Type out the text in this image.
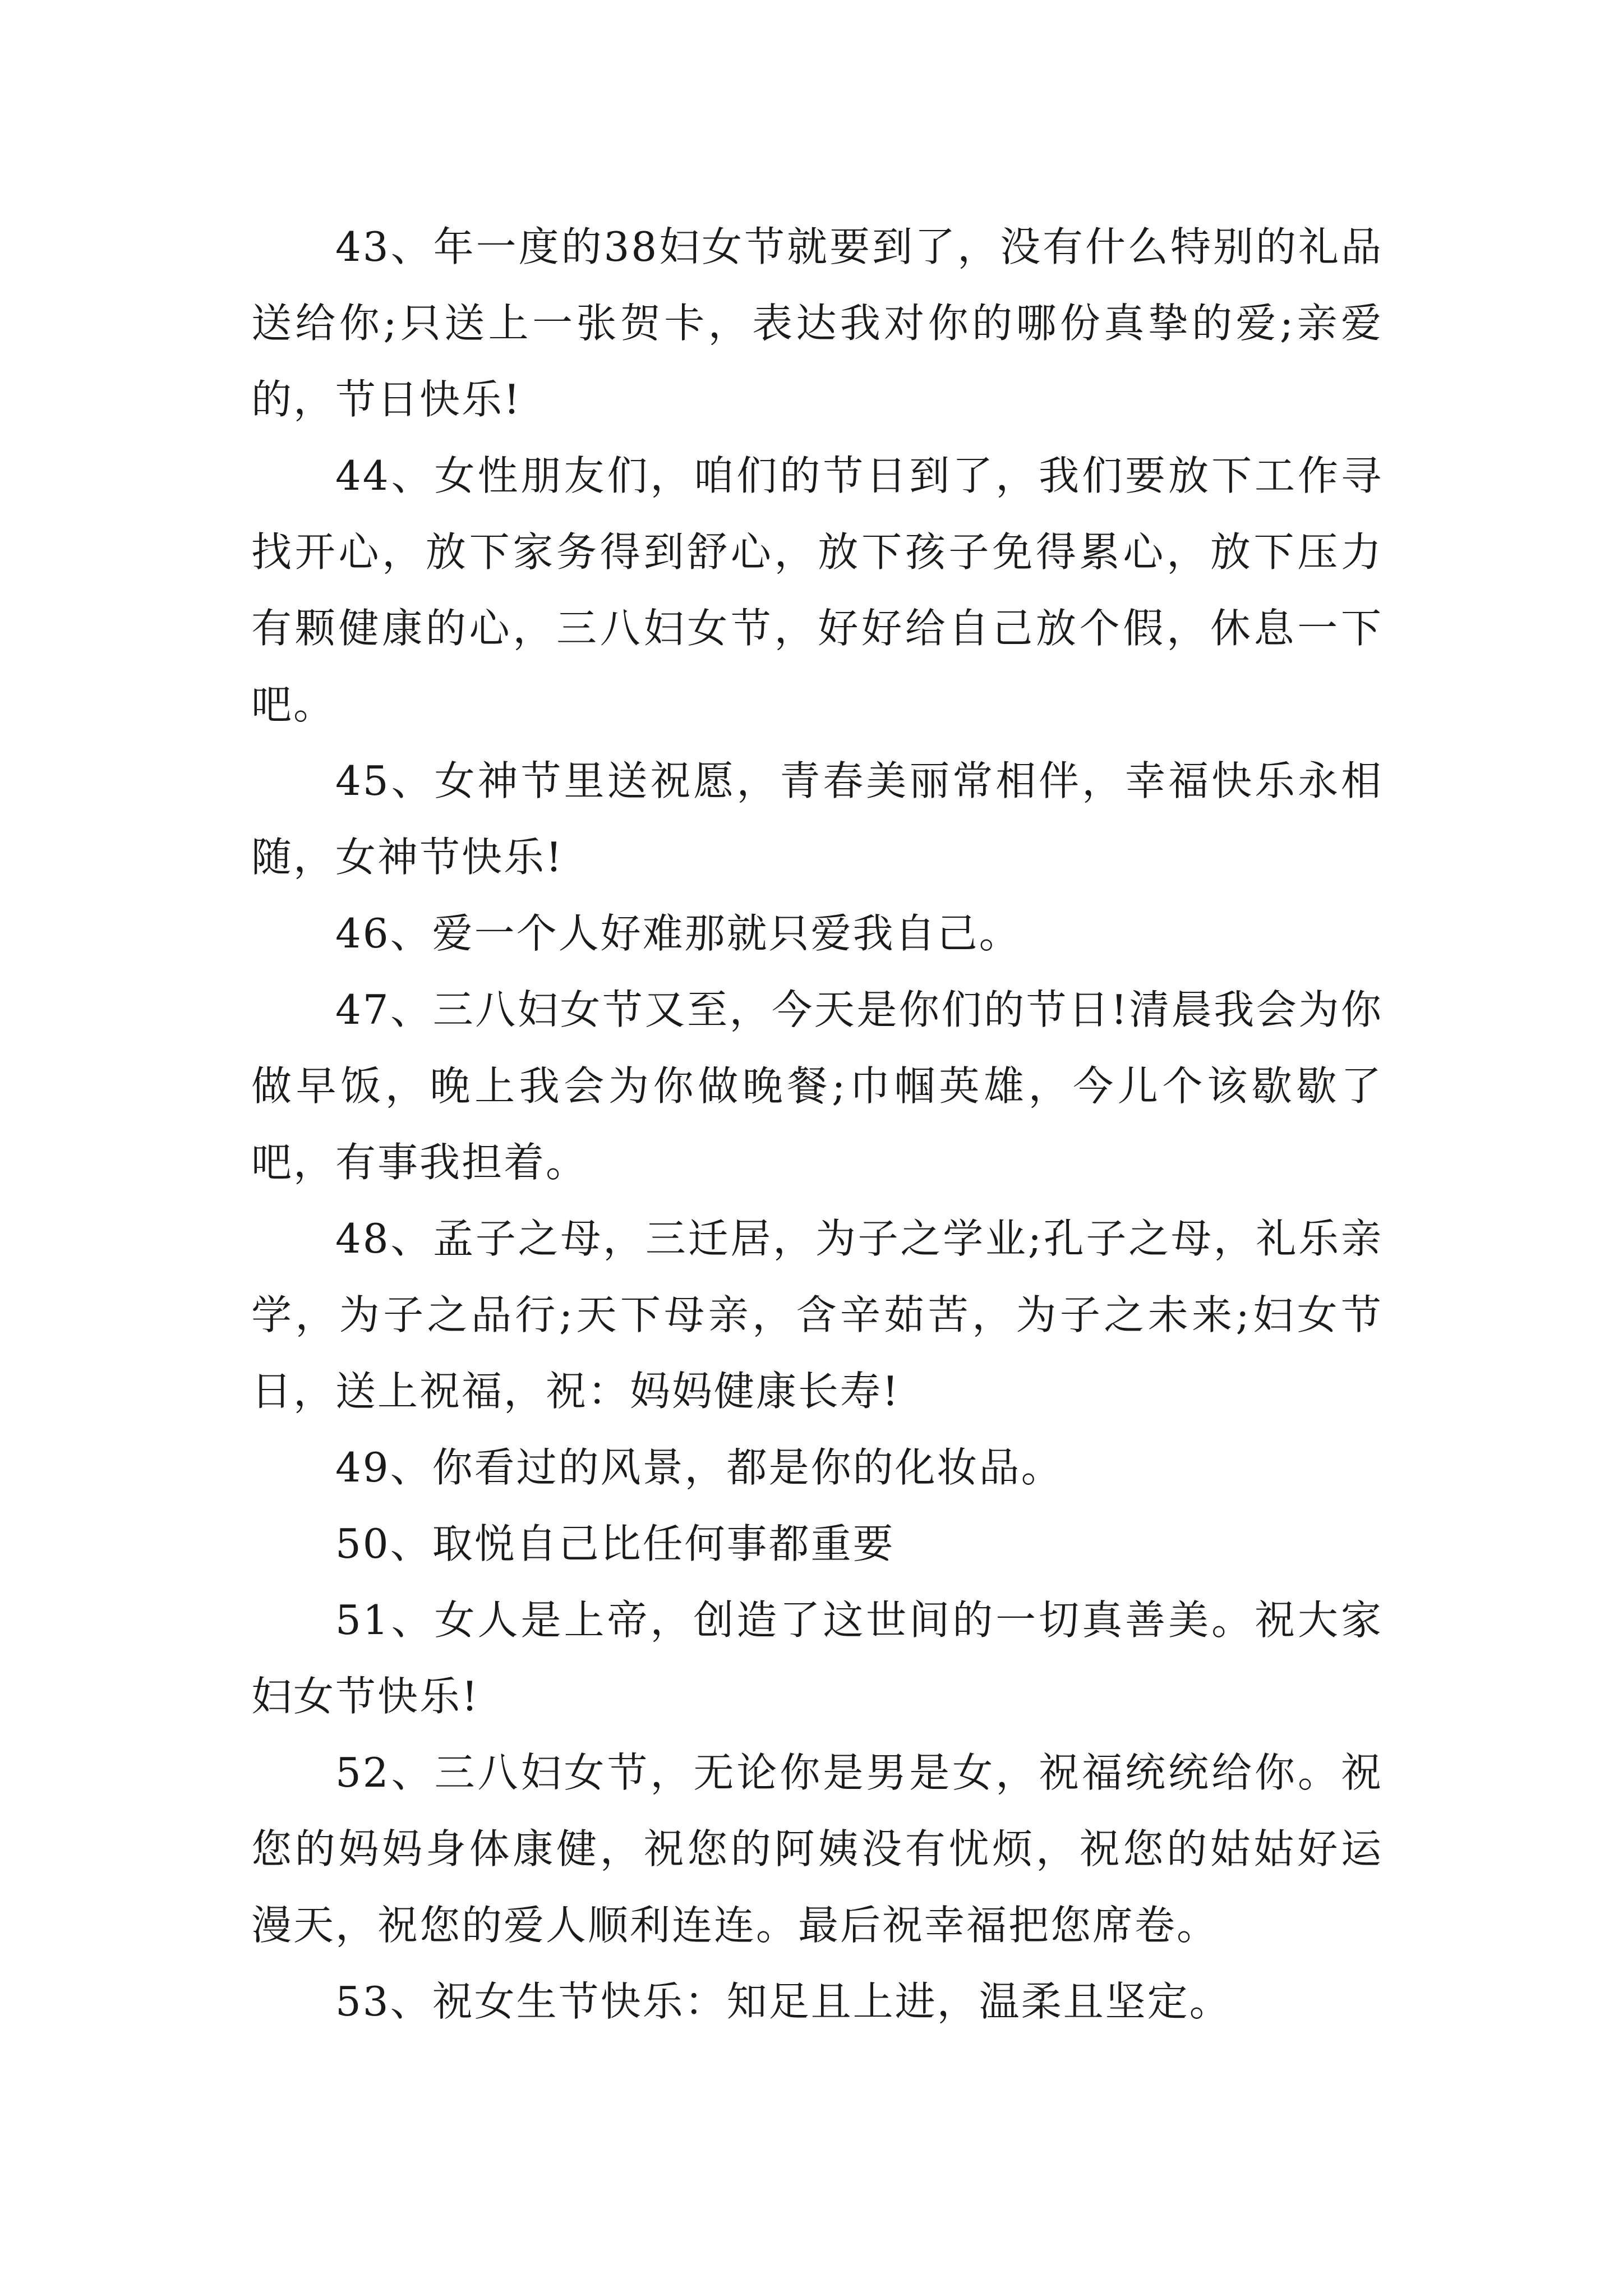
43、年一度的38妇女节就要到了，没有什么特别的礼品送给你;只送上一张贺卡，表达我对你的哪份真挚的爱;亲爱的，节日快乐!

44、女性朋友们，咱们的节日到了，我们要放下工作寻找开心，放下家务得到舒心，放下孩子免得累心，放下压力有颗健康的心，三八妇女节，好好给自己放个假，休息一下吧。

45、女神节里送祝愿，青春美丽常相伴，幸福快乐永相随，女神节快乐!

46、爱一个人好难那就只爱我自己。

47、三八妇女节又至，今天是你们的节日!清晨我会为你做早饭，晚上我会为你做晚餐;巾帼英雄，今儿个该歇歇了吧，有事我担着。

48、孟子之母，三迁居，为子之学业;孔子之母，礼乐亲学，为子之品行;天下母亲，含辛茹苦，为子之未来;妇女节日，送上祝福，祝：妈妈健康长寿!

49、你看过的风景，都是你的化妆品。

50、取悦自己比任何事都重要

51、女人是上帝，创造了这世间的一切真善美。祝大家妇女节快乐!

52、三八妇女节，无论你是男是女，祝福统统给你。祝您的妈妈身体康健，祝您的阿姨没有忧烦，祝您的姑姑好运漫天，祝您的爱人顺利连连。最后祝幸福把您席卷。

53、祝女生节快乐：知足且上进，温柔且坚定。
